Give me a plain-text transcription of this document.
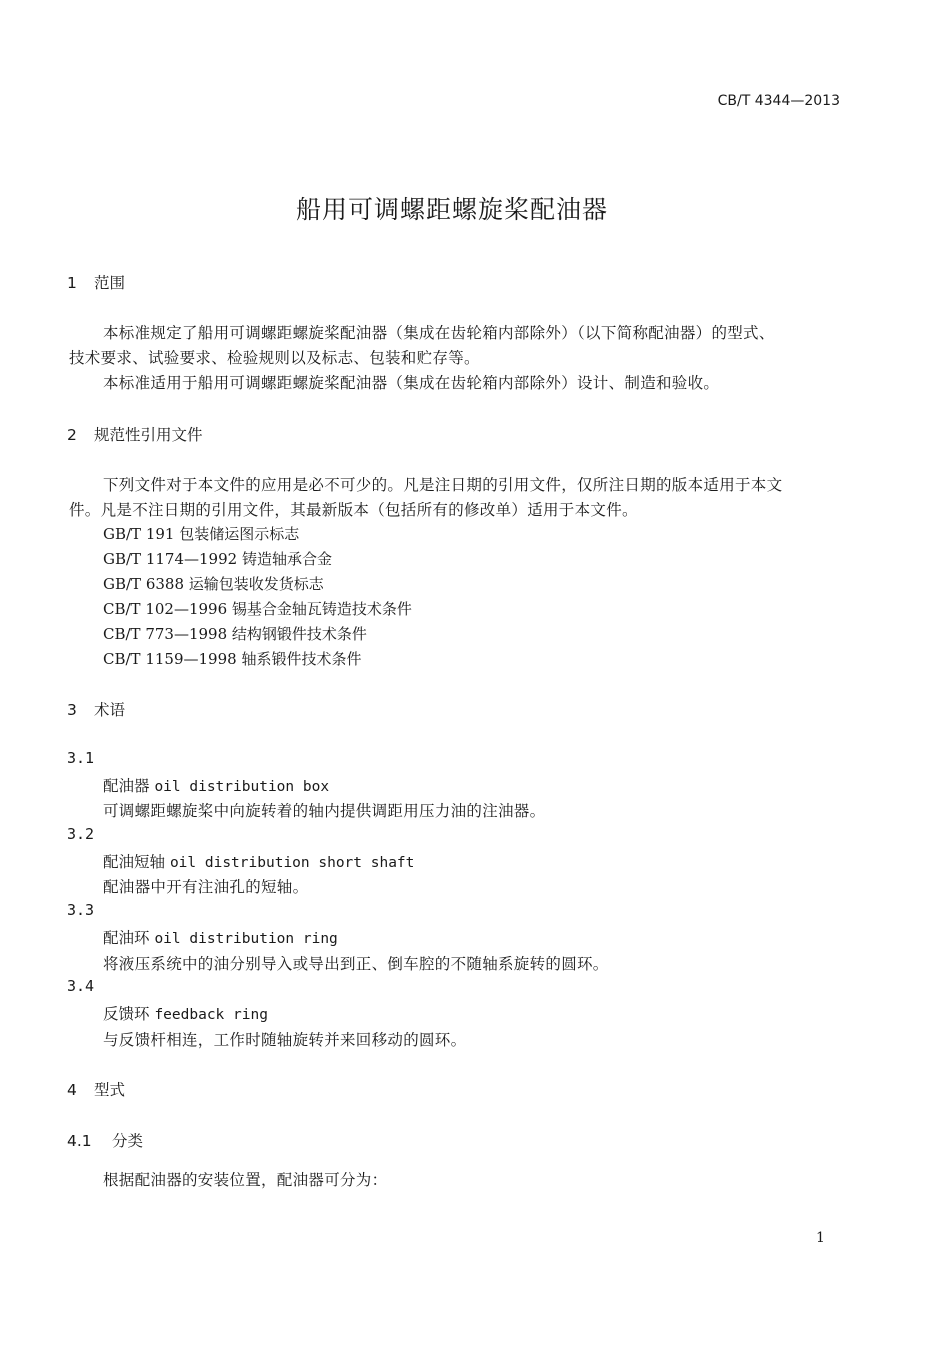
CB/T 4344—2013
船用可调螺距螺旋桨配油器
1 范围
本标准规定了船用可调螺距螺旋桨配油器（集成在齿轮箱内部除外）（以下简称配油器）的型式、
技术要求、试验要求、检验规则以及标志、包装和贮存等。
本标准适用于船用可调螺距螺旋桨配油器（集成在齿轮箱内部除外）设计、制造和验收。
2 规范性引用文件
下列文件对于本文件的应用是必不可少的。凡是注日期的引用文件，仅所注日期的版本适用于本文
件。凡是不注日期的引用文件，其最新版本（包括所有的修改单）适用于本文件。
GB/T 191 包装储运图示标志
GB/T 1174—1992 铸造轴承合金
GB/T 6388 运输包装收发货标志
CB/T 102—1996 锡基合金轴瓦铸造技术条件
CB/T 773—1998 结构钢锻件技术条件
CB/T 1159—1998 轴系锻件技术条件
3 术语
3.1
配油器 oil distribution box
可调螺距螺旋桨中向旋转着的轴内提供调距用压力油的注油器。
3.2
配油短轴 oil distribution short shaft
配油器中开有注油孔的短轴。
3.3
配油环 oil distribution ring
将液压系统中的油分别导入或导出到正、倒车腔的不随轴系旋转的圆环。
3.4
反馈环 feedback ring
与反馈杆相连，工作时随轴旋转并来回移动的圆环。
4 型式
4.1 分类
根据配油器的安装位置，配油器可分为：
1
